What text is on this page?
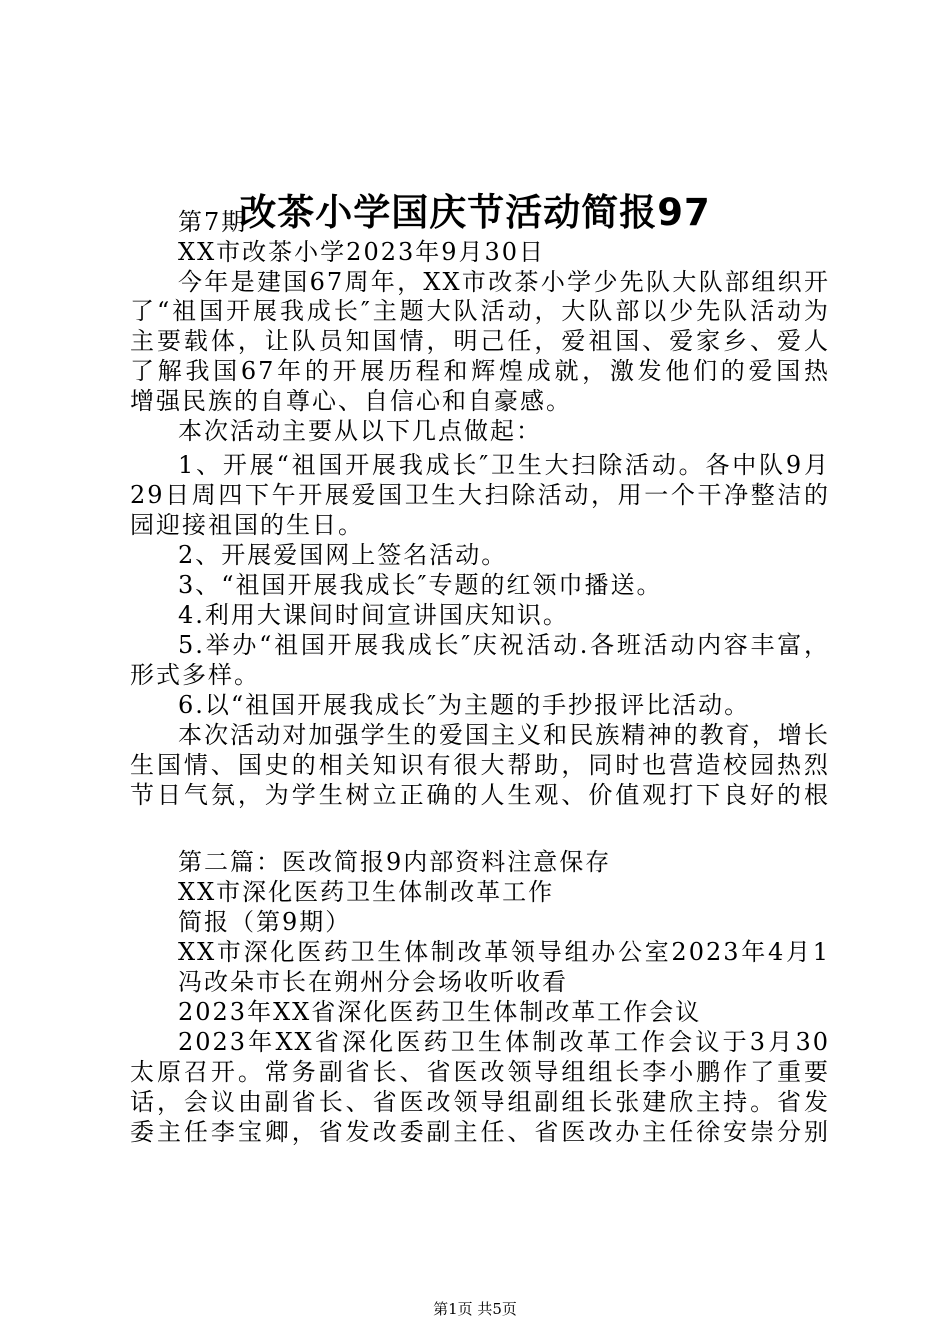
改茶小学国庆节活动简报97
第7期
XX市改茶小学2023年9月30日
今年是建国67周年，XX市改茶小学少先队大队部组织开
了“祖国开展我成长″主题大队活动，大队部以少先队活动为
主要载体，让队员知国情，明己任，爱祖国、爱家乡、爱人
了解我国67年的开展历程和辉煌成就，激发他们的爱国热
增强民族的自尊心、自信心和自豪感。
本次活动主要从以下几点做起：
1、开展“祖国开展我成长″卫生大扫除活动。各中队9月
29日周四下午开展爱国卫生大扫除活动，用一个干净整洁的
园迎接祖国的生日。
2、开展爱国网上签名活动。
3、“祖国开展我成长″专题的红领巾播送。
4.利用大课间时间宣讲国庆知识。
5.举办“祖国开展我成长″庆祝活动.各班活动内容丰富，
形式多样。
6.以“祖国开展我成长″为主题的手抄报评比活动。
本次活动对加强学生的爱国主义和民族精神的教育，增长
生国情、国史的相关知识有很大帮助，同时也营造校园热烈
节日气氛，为学生树立正确的人生观、价值观打下良好的根
第二篇：医改简报9内部资料注意保存
XX市深化医药卫生体制改革工作
简报（第9期）
XX市深化医药卫生体制改革领导组办公室2023年4月1
冯改朵市长在朔州分会场收听收看
2023年XX省深化医药卫生体制改革工作会议
2023年XX省深化医药卫生体制改革工作会议于3月30
太原召开。常务副省长、省医改领导组组长李小鹏作了重要
话，会议由副省长、省医改领导组副组长张建欣主持。省发
委主任李宝卿，省发改委副主任、省医改办主任徐安崇分别
第1页 共5页
